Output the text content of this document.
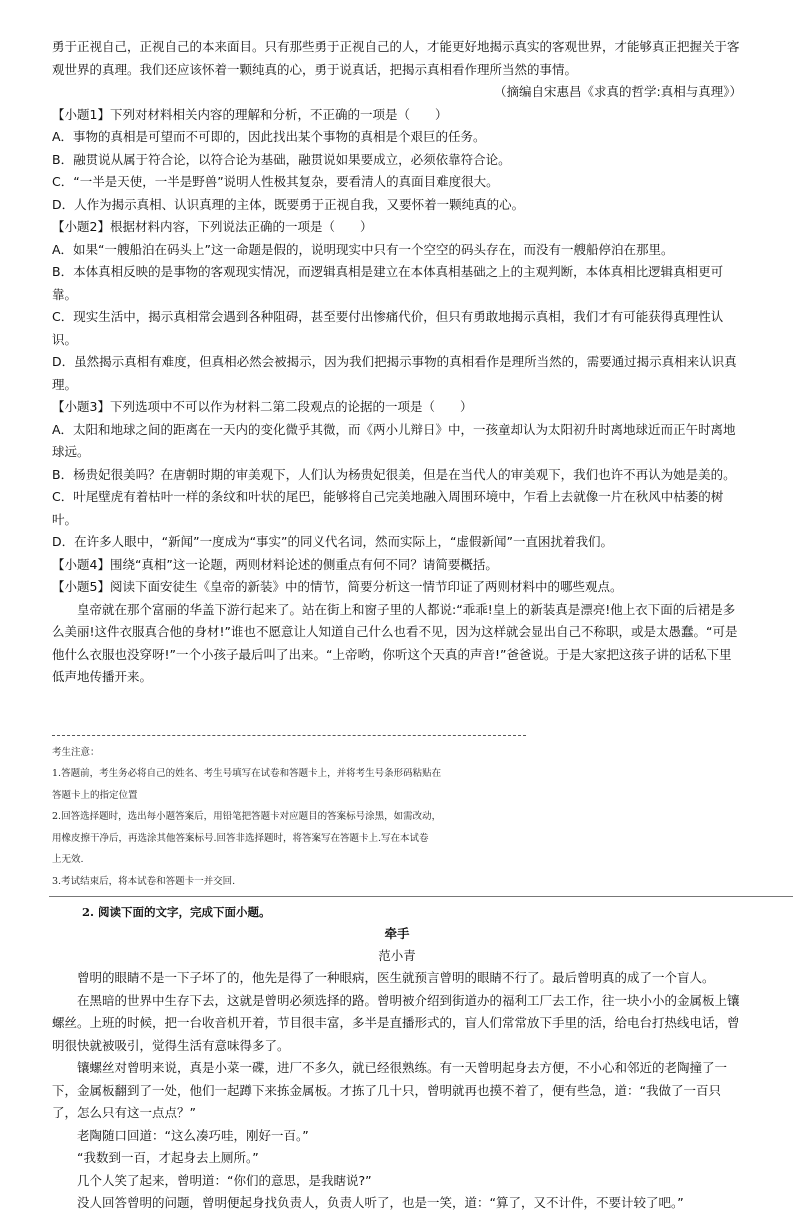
勇于正视自己，正视自己的本来面目。只有那些勇于正视自己的人，才能更好地揭示真实的客观世界，才能够真正把握关于客观世界的真理。我们还应该怀着一颗纯真的心，勇于说真话，把揭示真相看作理所当然的事情。

（摘编自宋惠昌《求真的哲学:真相与真理》）

【小题1】下列对材料相关内容的理解和分析，不正确的一项是（　　）

A．事物的真相是可望而不可即的，因此找出某个事物的真相是个艰巨的任务。

B．融贯说从属于符合论，以符合论为基础，融贯说如果要成立，必须依靠符合论。

C．“一半是天使，一半是野兽”说明人性极其复杂，要看清人的真面目难度很大。

D．人作为揭示真相、认识真理的主体，既要勇于正视自我，又要怀着一颗纯真的心。

【小题2】根据材料内容，下列说法正确的一项是（　　）

A．如果“一艘船泊在码头上”这一命题是假的，说明现实中只有一个空空的码头存在，而没有一艘船停泊在那里。

B．本体真相反映的是事物的客观现实情况，而逻辑真相是建立在本体真相基础之上的主观判断，本体真相比逻辑真相更可靠。

C．现实生活中，揭示真相常会遇到各种阻碍，甚至要付出惨痛代价，但只有勇敢地揭示真相，我们才有可能获得真理性认识。

D．虽然揭示真相有难度，但真相必然会被揭示，因为我们把揭示事物的真相看作是理所当然的，需要通过揭示真相来认识真理。

【小题3】下列选项中不可以作为材料二第二段观点的论据的一项是（　　）

A．太阳和地球之间的距离在一天内的变化微乎其微，而《两小儿辩日》中，一孩童却认为太阳初升时离地球近而正午时离地球远。

B．杨贵妃很美吗？在唐朝时期的审美观下，人们认为杨贵妃很美，但是在当代人的审美观下，我们也许不再认为她是美的。

C．叶尾壁虎有着枯叶一样的条纹和叶状的尾巴，能够将自己完美地融入周围环境中，乍看上去就像一片在秋风中枯萎的树叶。

D．在许多人眼中，“新闻”一度成为“事实”的同义代名词，然而实际上，“虚假新闻”一直困扰着我们。

【小题4】围绕“真相”这一论题，两则材料论述的侧重点有何不同？请简要概括。

【小题5】阅读下面安徒生《皇帝的新装》中的情节，简要分析这一情节印证了两则材料中的哪些观点。

皇帝就在那个富丽的华盖下游行起来了。站在街上和窗子里的人都说:“乖乖!皇上的新装真是漂亮!他上衣下面的后裙是多么美丽!这件衣服真合他的身材!”谁也不愿意让人知道自己什么也看不见，因为这样就会显出自己不称职，或是太愚蠢。“可是他什么衣服也没穿呀!”一个小孩子最后叫了出来。“上帝哟，你听这个天真的声音!”爸爸说。于是大家把这孩子讲的话私下里低声地传播开来。

考生注意：

1.答题前，考生务必将自己的姓名、考生号填写在试卷和答题卡上，并将考生号条形码粘贴在

答题卡上的指定位置

2.回答选择题时，选出每小题答案后，用铅笔把答题卡对应题目的答案标号涂黑，如需改动，

用橡皮擦干净后，再选涂其他答案标号.回答非选择题时，将答案写在答题卡上.写在本试卷

上无效.

3.考试结束后，将本试卷和答题卡一并交回.

2. 阅读下面的文字，完成下面小题。

牵手

范小青

曾明的眼睛不是一下子坏了的，他先是得了一种眼病，医生就预言曾明的眼睛不行了。最后曾明真的成了一个盲人。

在黑暗的世界中生存下去，这就是曾明必须选择的路。曾明被介绍到街道办的福利工厂去工作，往一块小小的金属板上镶螺丝。上班的时候，把一台收音机开着，节目很丰富，多半是直播形式的，盲人们常常放下手里的活，给电台打热线电话，曾明很快就被吸引，觉得生活有意味得多了。

镶螺丝对曾明来说，真是小菜一碟，进厂不多久，就已经很熟练。有一天曾明起身去方便，不小心和邻近的老陶撞了一下，金属板翻到了一处，他们一起蹲下来拣金属板。才拣了几十只，曾明就再也摸不着了，便有些急，道：“我做了一百只了，怎么只有这一点点？”

老陶随口回道：“这么凑巧哇，刚好一百。”

“我数到一百，才起身去上厕所。”

几个人笑了起来，曾明道：“你们的意思，是我瞎说?”

没人回答曾明的问题，曾明便起身找负责人，负责人听了，也是一笑，道：“算了，又不计件，不要计较了吧。”
